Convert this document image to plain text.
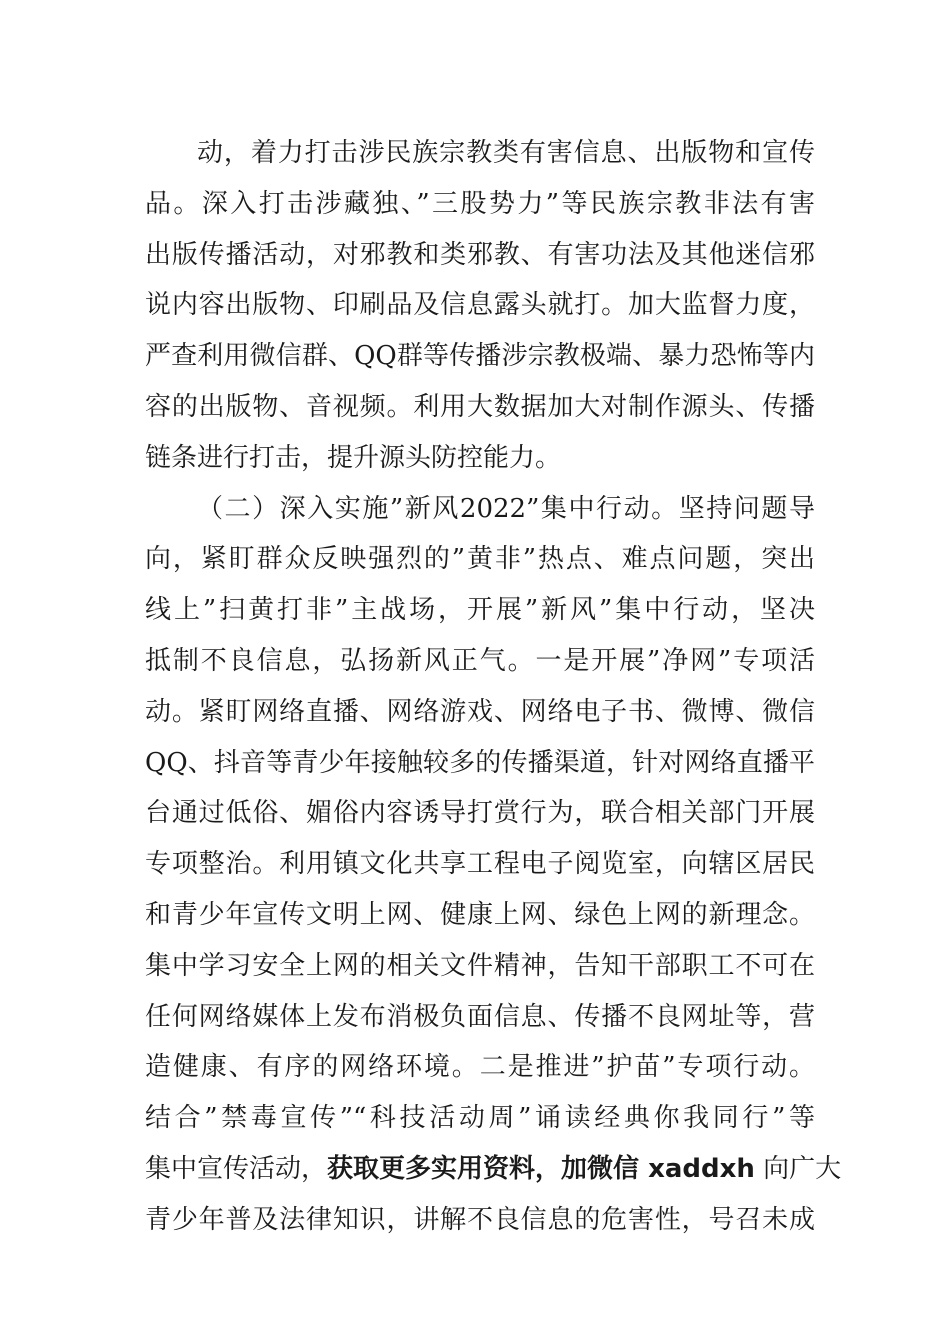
动，着力打击涉民族宗教类有害信息、出版物和宣传
品。深入打击涉藏独、”三股势力”等民族宗教非法有害
出版传播活动，对邪教和类邪教、有害功法及其他迷信邪
说内容出版物、印刷品及信息露头就打。加大监督力度，
严查利用微信群、QQ群等传播涉宗教极端、暴力恐怖等内
容的出版物、音视频。利用大数据加大对制作源头、传播
链条进行打击，提升源头防控能力。
（二）深入实施”新风2022”集中行动。坚持问题导
向，紧盯群众反映强烈的”黄非”热点、难点问题，突出
线上”扫黄打非”主战场，开展”新风”集中行动，坚决
抵制不良信息，弘扬新风正气。一是开展”净网”专项活
动。紧盯网络直播、网络游戏、网络电子书、微博、微信
QQ、抖音等青少年接触较多的传播渠道，针对网络直播平
台通过低俗、媚俗内容诱导打赏行为，联合相关部门开展
专项整治。利用镇文化共享工程电子阅览室，向辖区居民
和青少年宣传文明上网、健康上网、绿色上网的新理念。
集中学习安全上网的相关文件精神，告知干部职工不可在
任何网络媒体上发布消极负面信息、传播不良网址等，营
造健康、有序的网络环境。二是推进”护苗”专项行动。
结合”禁毒宣传”“科技活动周”诵读经典你我同行”等
集中宣传活动，获取更多实用资料，加微信 xaddxh 向广大
青少年普及法律知识，讲解不良信息的危害性，号召未成
